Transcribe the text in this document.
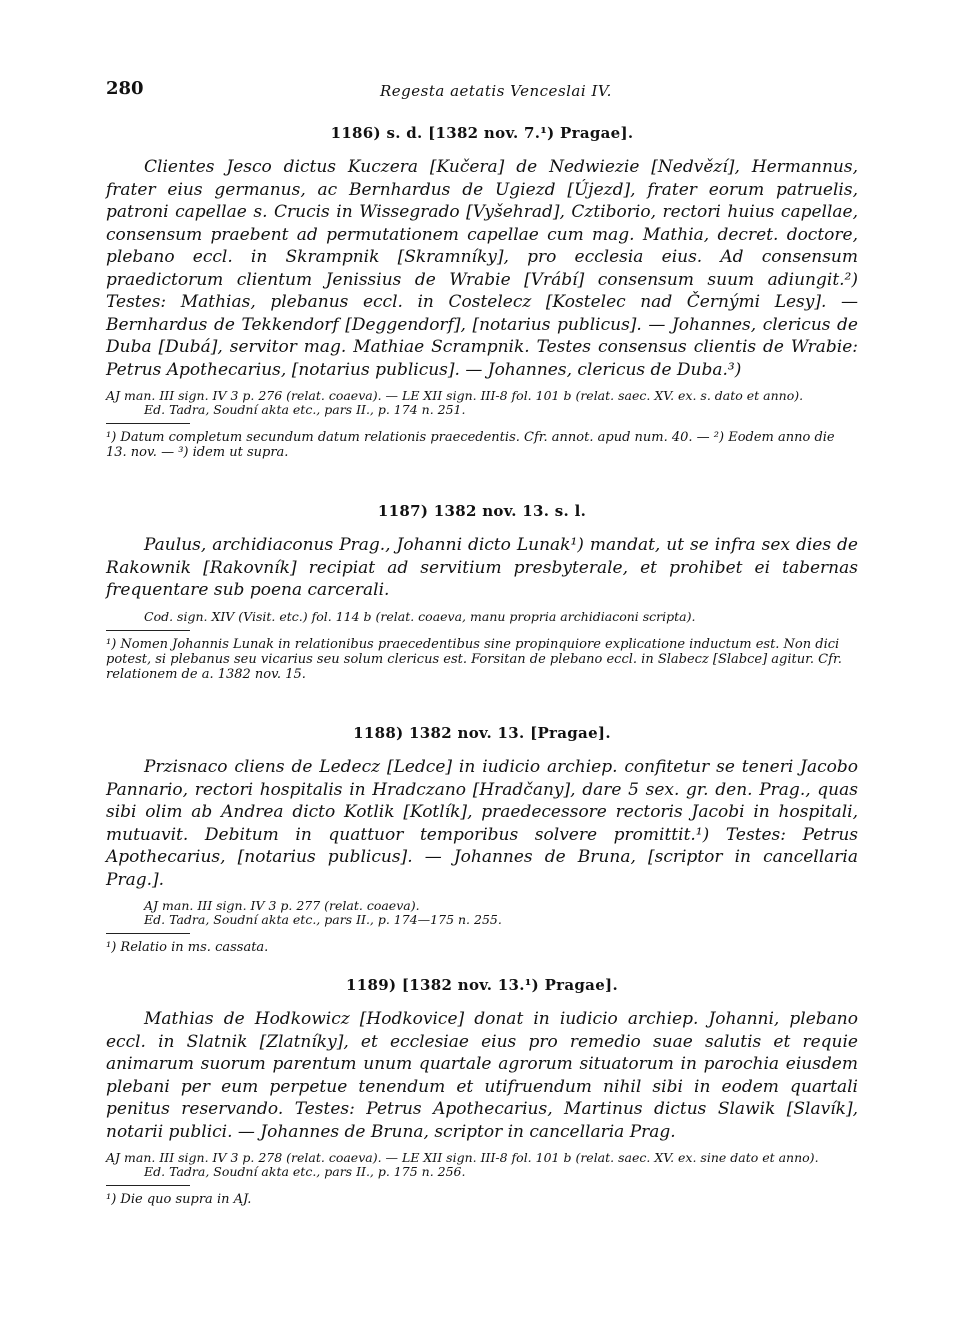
280	Regesta aetatis Venceslai IV.
1186) s. d. [1382 nov. 7.¹) Pragae].

Clientes Jesco dictus Kuczera [Kučera] de Nedwiezie [Nedvězí], Hermannus, frater eius germanus, ac Bernhardus de Ugiezd [Újezd], frater eorum patruelis, patroni capellae s. Crucis in Wissegrado [Vyšehrad], Cztiborio, rectori huius capellae, consensum praebent ad permutationem capellae cum mag. Mathia, decret. doctore, plebano eccl. in Skrampnik [Skramníky], pro ecclesia eius. Ad consensum praedictorum clientum Jenissius de Wrabie [Vrábí] consensum suum adiungit.²) Testes: Mathias, plebanus eccl. in Costelecz [Kostelec nad Černými Lesy]. — Bernhardus de Tekkendorf [Deggendorf], [notarius publicus]. — Johannes, clericus de Duba [Dubá], servitor mag. Mathiae Scrampnik. Testes consensus clientis de Wrabie: Petrus Apothecarius, [notarius publicus]. — Johannes, clericus de Duba.³)

AJ man. III sign. IV 3 p. 276 (relat. coaeva). — LE XII sign. III-8 fol. 101 b (relat. saec. XV. ex. s. dato et anno).
Ed. Tadra, Soudní akta etc., pars II., p. 174 n. 251.
¹) Datum completum secundum datum relationis praecedentis. Cfr. annot. apud num. 40. — ²) Eodem anno die 13. nov. — ³) idem ut supra.
1187) 1382 nov. 13. s. l.

Paulus, archidiaconus Prag., Johanni dicto Lunak¹) mandat, ut se infra sex dies de Rakownik [Rakovník] recipiat ad servitium presbyterale, et prohibet ei tabernas frequentare sub poena carcerali.

Cod. sign. XIV (Visit. etc.) fol. 114 b (relat. coaeva, manu propria archidiaconi scripta).
¹) Nomen Johannis Lunak in relationibus praecedentibus sine propinquiore explicatione inductum est. Non dici potest, si plebanus seu vicarius seu solum clericus est. Forsitan de plebano eccl. in Slabecz [Slabce] agitur. Cfr. relationem de a. 1382 nov. 15.
1188) 1382 nov. 13. [Pragae].

Przisnaco cliens de Ledecz [Ledce] in iudicio archiep. confitetur se teneri Jacobo Pannario, rectori hospitalis in Hradczano [Hradčany], dare 5 sex. gr. den. Prag., quas sibi olim ab Andrea dicto Kotlik [Kotlík], praedecessore rectoris Jacobi in hospitali, mutuavit. Debitum in quattuor temporibus solvere promittit.¹) Testes: Petrus Apothecarius, [notarius publicus]. — Johannes de Bruna, [scriptor in cancellaria Prag.].

AJ man. III sign. IV 3 p. 277 (relat. coaeva).
Ed. Tadra, Soudní akta etc., pars II., p. 174—175 n. 255.
¹) Relatio in ms. cassata.
1189) [1382 nov. 13.¹) Pragae].

Mathias de Hodkowicz [Hodkovice] donat in iudicio archiep. Johanni, plebano eccl. in Slatnik [Zlatníky], et ecclesiae eius pro remedio suae salutis et requie animarum suorum parentum unum quartale agrorum situatorum in parochia eiusdem plebani per eum perpetue tenendum et utifruendum nihil sibi in eodem quartali penitus reservando. Testes: Petrus Apothecarius, Martinus dictus Slawik [Slavík], notarii publici. — Johannes de Bruna, scriptor in cancellaria Prag.

AJ man. III sign. IV 3 p. 278 (relat. coaeva). — LE XII sign. III-8 fol. 101 b (relat. saec. XV. ex. sine dato et anno).
Ed. Tadra, Soudní akta etc., pars II., p. 175 n. 256.
¹) Die quo supra in AJ.
